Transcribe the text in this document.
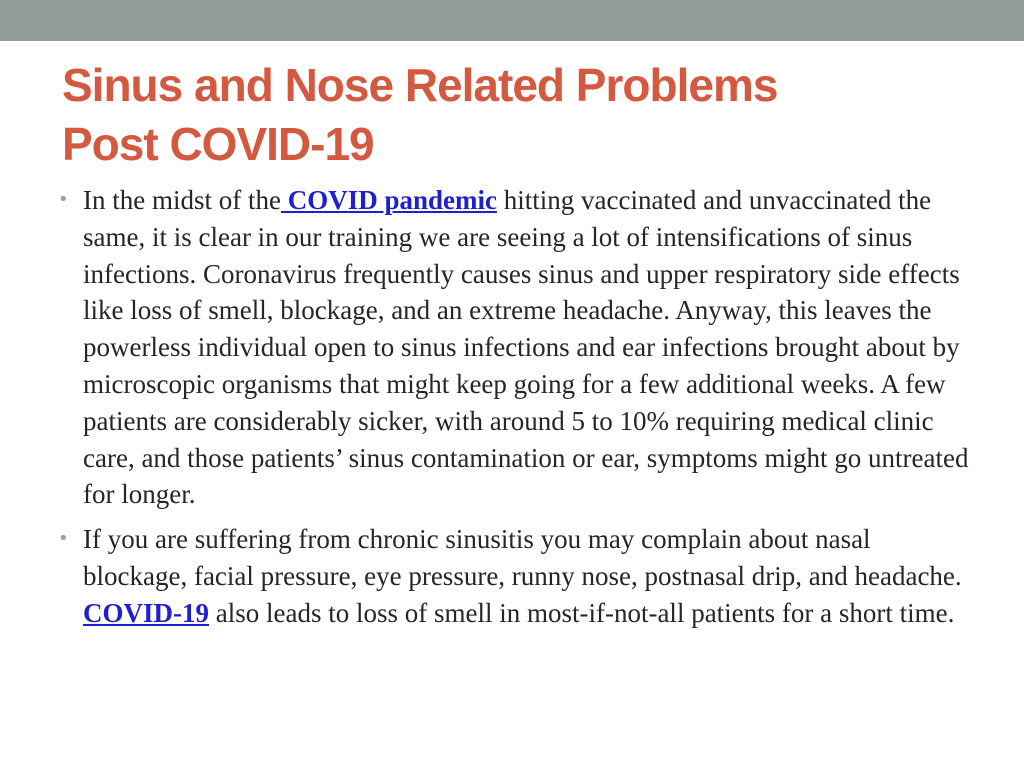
Sinus and Nose Related Problems
Post COVID-19
• In the midst of the COVID pandemic hitting vaccinated and unvaccinated the same, it is clear in our training we are seeing a lot of intensifications of sinus infections. Coronavirus frequently causes sinus and upper respiratory side effects like loss of smell, blockage, and an extreme headache. Anyway, this leaves the powerless individual open to sinus infections and ear infections brought about by microscopic organisms that might keep going for a few additional weeks. A few patients are considerably sicker, with around 5 to 10% requiring medical clinic care, and those patients’ sinus contamination or ear, symptoms might go untreated for longer.
• If you are suffering from chronic sinusitis you may complain about nasal blockage, facial pressure, eye pressure, runny nose, postnasal drip, and headache. COVID-19 also leads to loss of smell in most-if-not-all patients for a short time.
